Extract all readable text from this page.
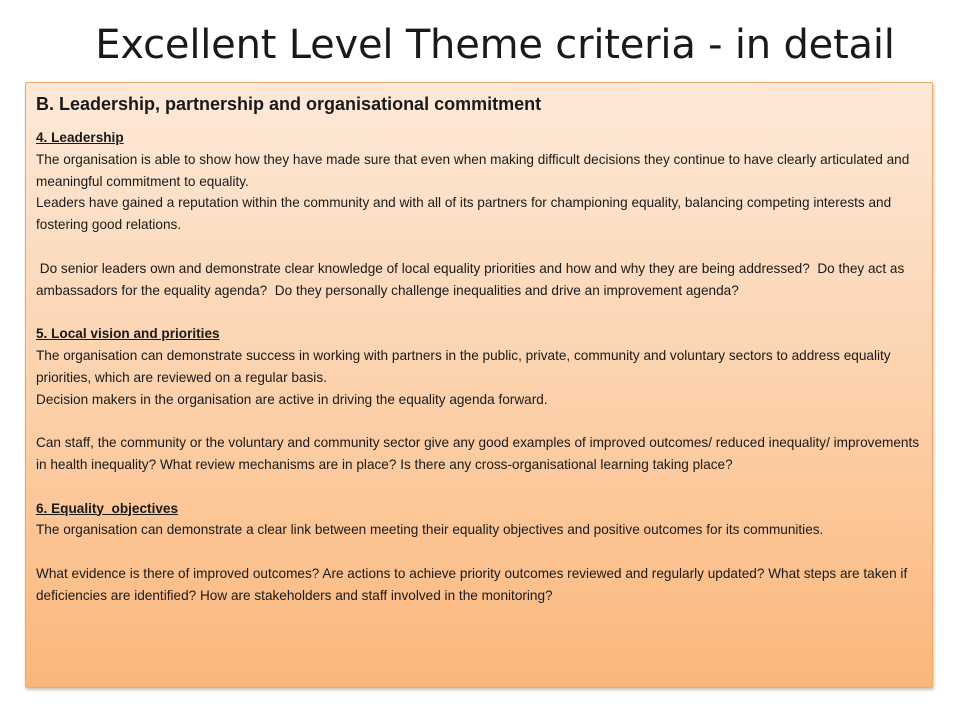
Excellent Level Theme criteria - in detail
B. Leadership, partnership and organisational commitment
4. Leadership
The organisation is able to show how they have made sure that even when making difficult decisions they continue to have clearly articulated and meaningful commitment to equality.
Leaders have gained a reputation within the community and with all of its partners for championing equality, balancing competing interests and fostering good relations.
Do senior leaders own and demonstrate clear knowledge of local equality priorities and how and why they are being addressed?  Do they act as ambassadors for the equality agenda?  Do they personally challenge inequalities and drive an improvement agenda?
5. Local vision and priorities
The organisation can demonstrate success in working with partners in the public, private, community and voluntary sectors to address equality priorities, which are reviewed on a regular basis.
Decision makers in the organisation are active in driving the equality agenda forward.
Can staff, the community or the voluntary and community sector give any good examples of improved outcomes/ reduced inequality/ improvements in health inequality? What review mechanisms are in place? Is there any cross-organisational learning taking place?
6. Equality  objectives
The organisation can demonstrate a clear link between meeting their equality objectives and positive outcomes for its communities.
What evidence is there of improved outcomes? Are actions to achieve priority outcomes reviewed and regularly updated? What steps are taken if deficiencies are identified? How are stakeholders and staff involved in the monitoring?
